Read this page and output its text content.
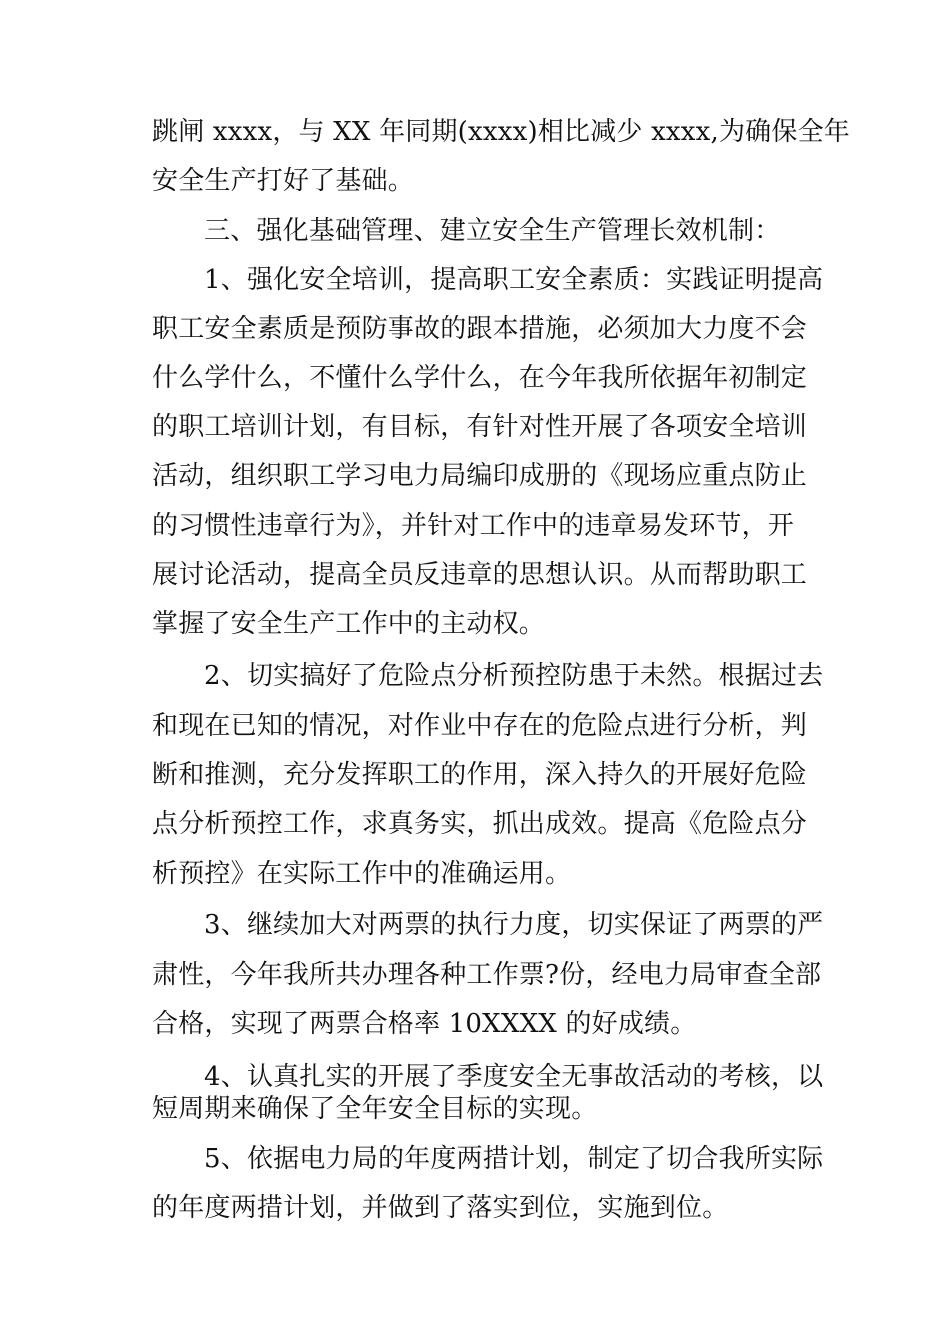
跳闸 xxxx，与 XX 年同期(xxxx)相比减少 xxxx,为确保全年
安全生产打好了基础。
三、强化基础管理、建立安全生产管理长效机制：
1、强化安全培训，提高职工安全素质：实践证明提高
职工安全素质是预防事故的跟本措施，必须加大力度不会
什么学什么，不懂什么学什么，在今年我所依据年初制定
的职工培训计划，有目标，有针对性开展了各项安全培训
活动，组织职工学习电力局编印成册的《现场应重点防止
的习惯性违章行为》，并针对工作中的违章易发环节，开
展讨论活动，提高全员反违章的思想认识。从而帮助职工
掌握了安全生产工作中的主动权。
2、切实搞好了危险点分析预控防患于未然。根据过去
和现在已知的情况，对作业中存在的危险点进行分析，判
断和推测，充分发挥职工的作用，深入持久的开展好危险
点分析预控工作，求真务实，抓出成效。提高《危险点分
析预控》在实际工作中的准确运用。
3、继续加大对两票的执行力度，切实保证了两票的严
肃性，今年我所共办理各种工作票?份，经电力局审查全部
合格，实现了两票合格率 10XXXX 的好成绩。
4、认真扎实的开展了季度安全无事故活动的考核，以
短周期来确保了全年安全目标的实现。
5、依据电力局的年度两措计划，制定了切合我所实际
的年度两措计划，并做到了落实到位，实施到位。
